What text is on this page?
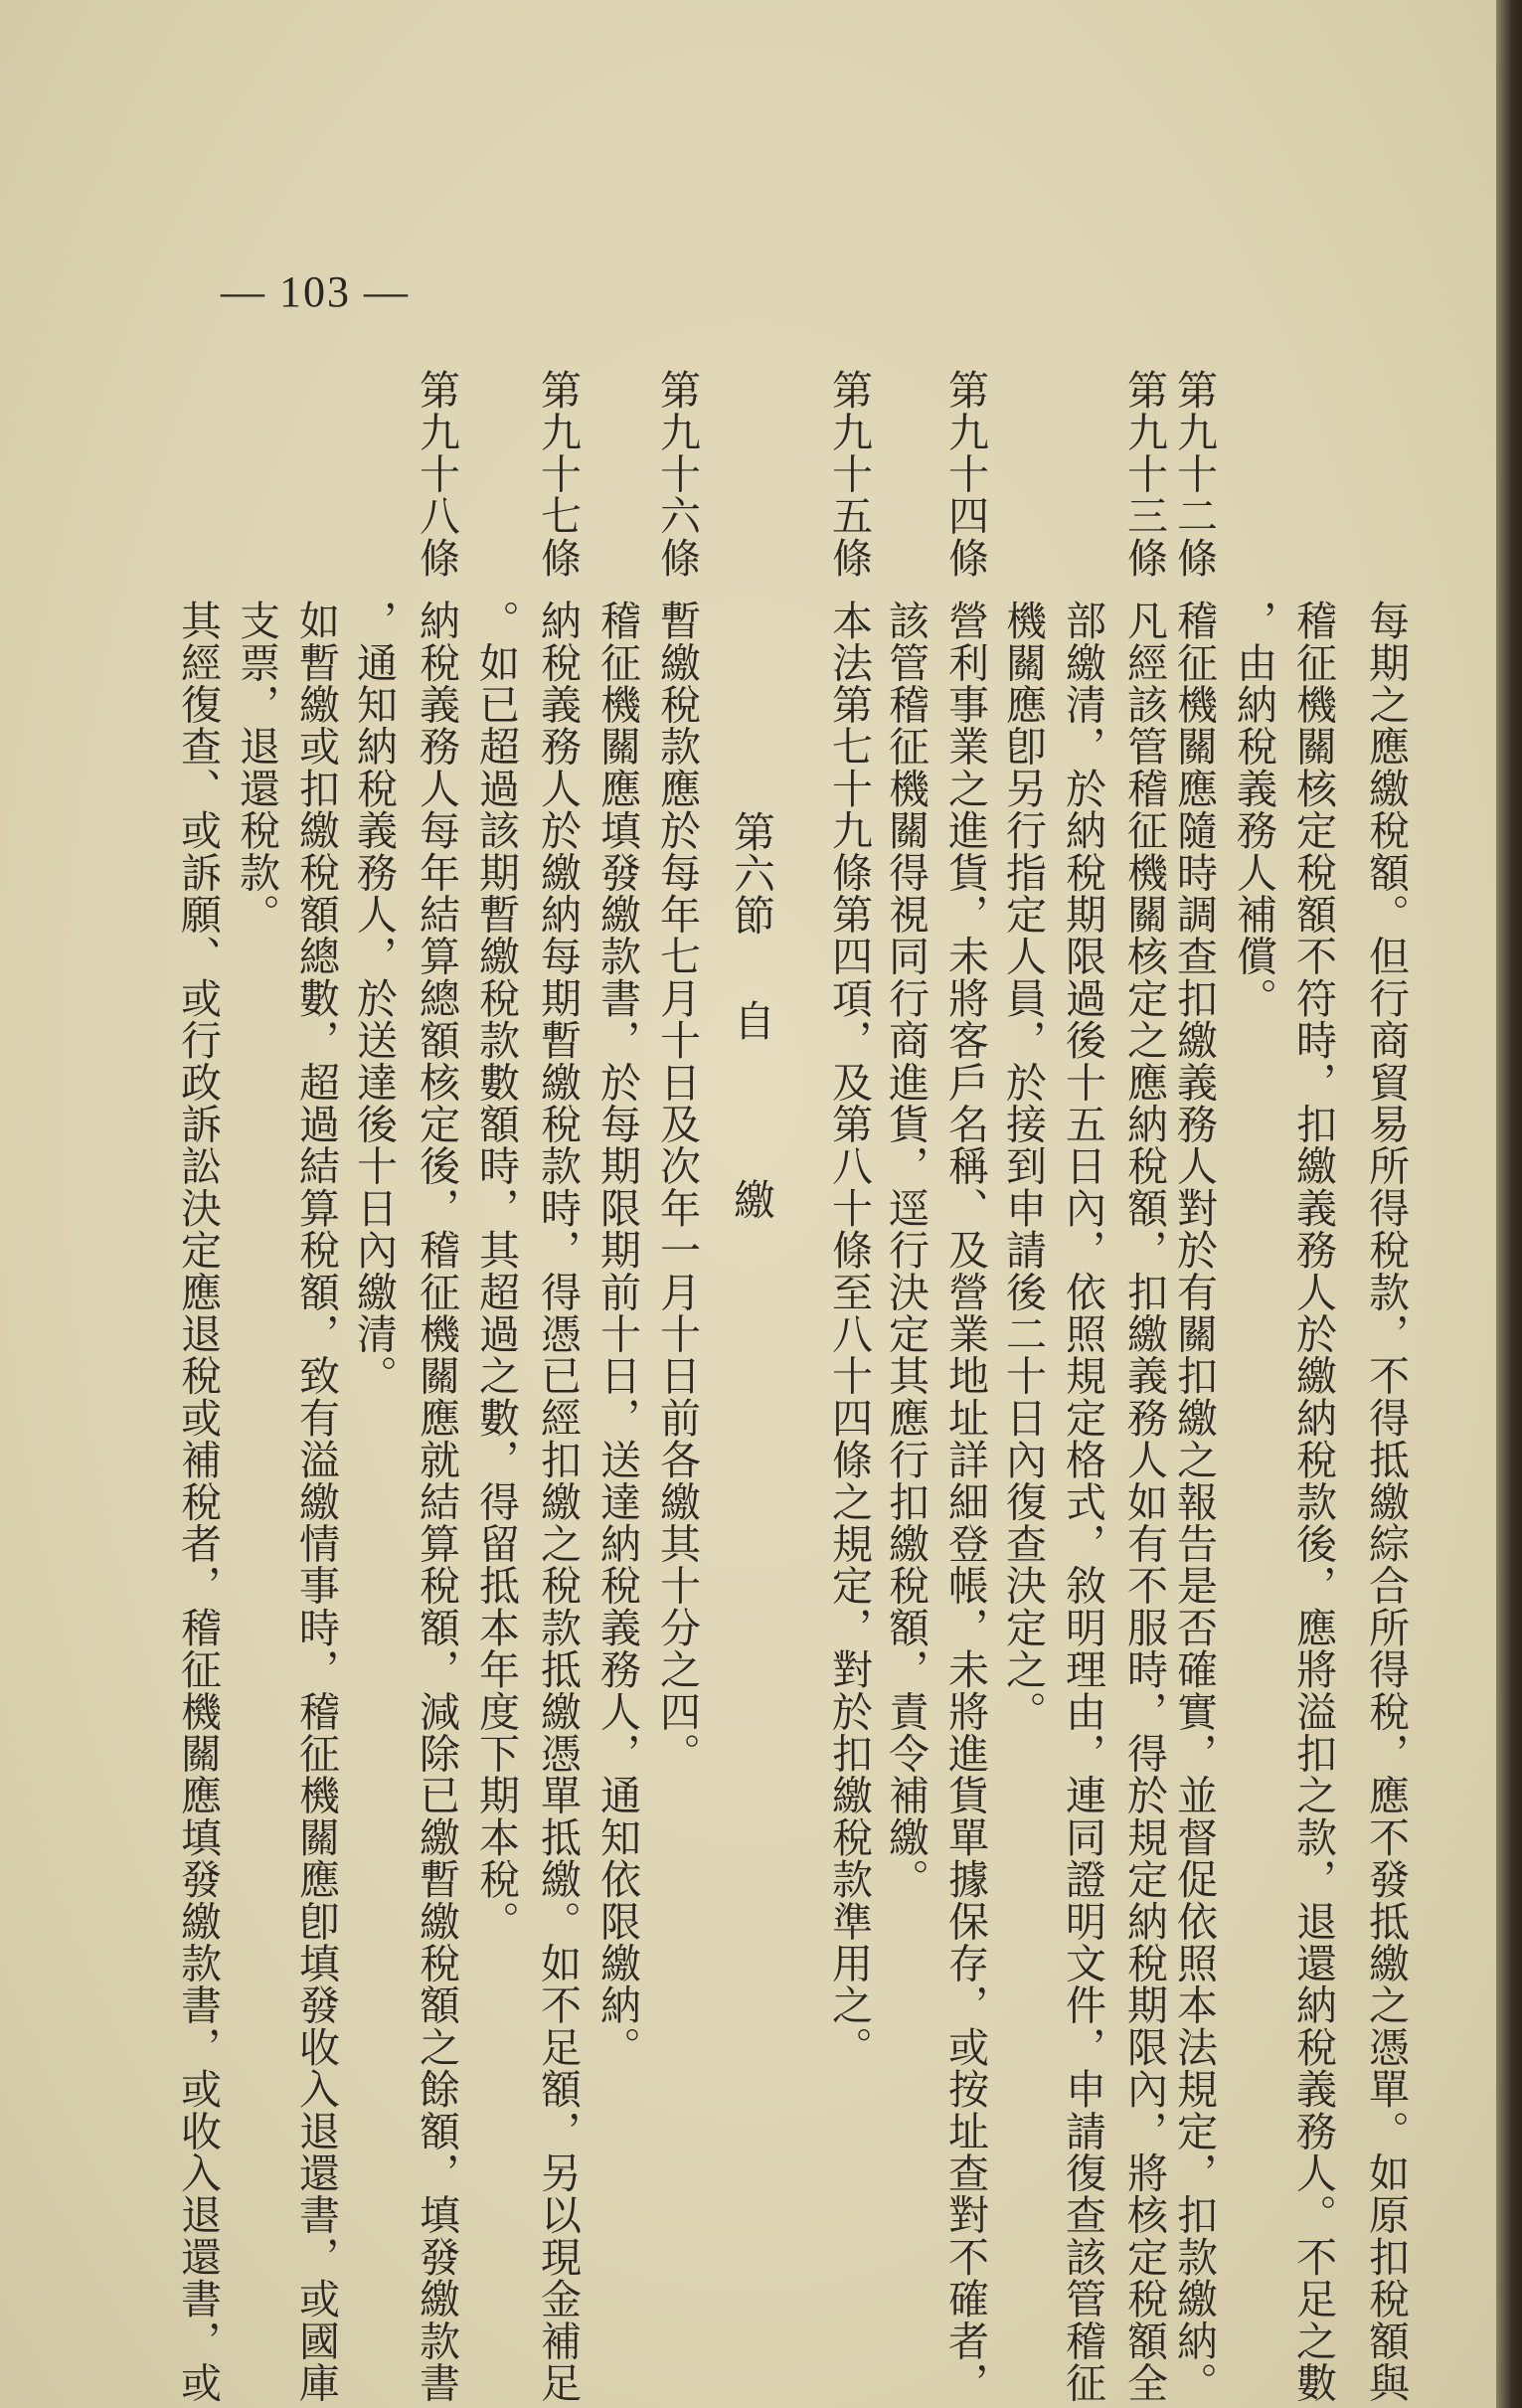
— 103 —
每期之應繳稅額。但行商貿易所得稅款，不得抵繳綜合所得稅，應不發抵繳之憑單。如原扣稅額與
稽征機關核定稅額不符時，扣繳義務人於繳納稅款後，應將溢扣之款，退還納稅義務人。不足之數
，由納稅義務人補償。
第九十二條
稽征機關應隨時調查扣繳義務人對於有關扣繳之報告是否確實，並督促依照本法規定，扣款繳納。
第九十三條
凡經該管稽征機關核定之應納稅額，扣繳義務人如有不服時，得於規定納稅期限內，將核定稅額全
部繳清，於納稅期限過後十五日內，依照規定格式，敘明理由，連同證明文件，申請復查該管稽征
機關應卽另行指定人員，於接到申請後二十日內復查決定之。
第九十四條
營利事業之進貨，未將客戶名稱、及營業地址詳細登帳，未將進貨單據保存，或按址查對不確者，
該管稽征機關得視同行商進貨，逕行決定其應行扣繳稅額，責令補繳。
第九十五條
本法第七十九條第四項，及第八十條至八十四條之規定，對於扣繳稅款準用之。
第六節
自
繳
第九十六條
暫繳稅款應於每年七月十日及次年一月十日前各繳其十分之四。
稽征機關應填發繳款書，於每期限期前十日，送達納稅義務人，通知依限繳納。
第九十七條
納稅義務人於繳納每期暫繳稅款時，得憑已經扣繳之稅款抵繳憑單抵繳。如不足額，另以現金補足
。如已超過該期暫繳稅款數額時，其超過之數，得留抵本年度下期本稅。
第九十八條
納稅義務人每年結算總額核定後，稽征機關應就結算稅額，減除已繳暫繳稅額之餘額，填發繳款書
，通知納稅義務人，於送達後十日內繳清。
如暫繳或扣繳稅額總數，超過結算稅額，致有溢繳情事時，稽征機關應卽填發收入退還書，或國庫
支票，退還稅款。
其經復查、或訴願、或行政訴訟決定應退稅或補稅者，稽征機關應填發繳款書，或收入退還書，或
